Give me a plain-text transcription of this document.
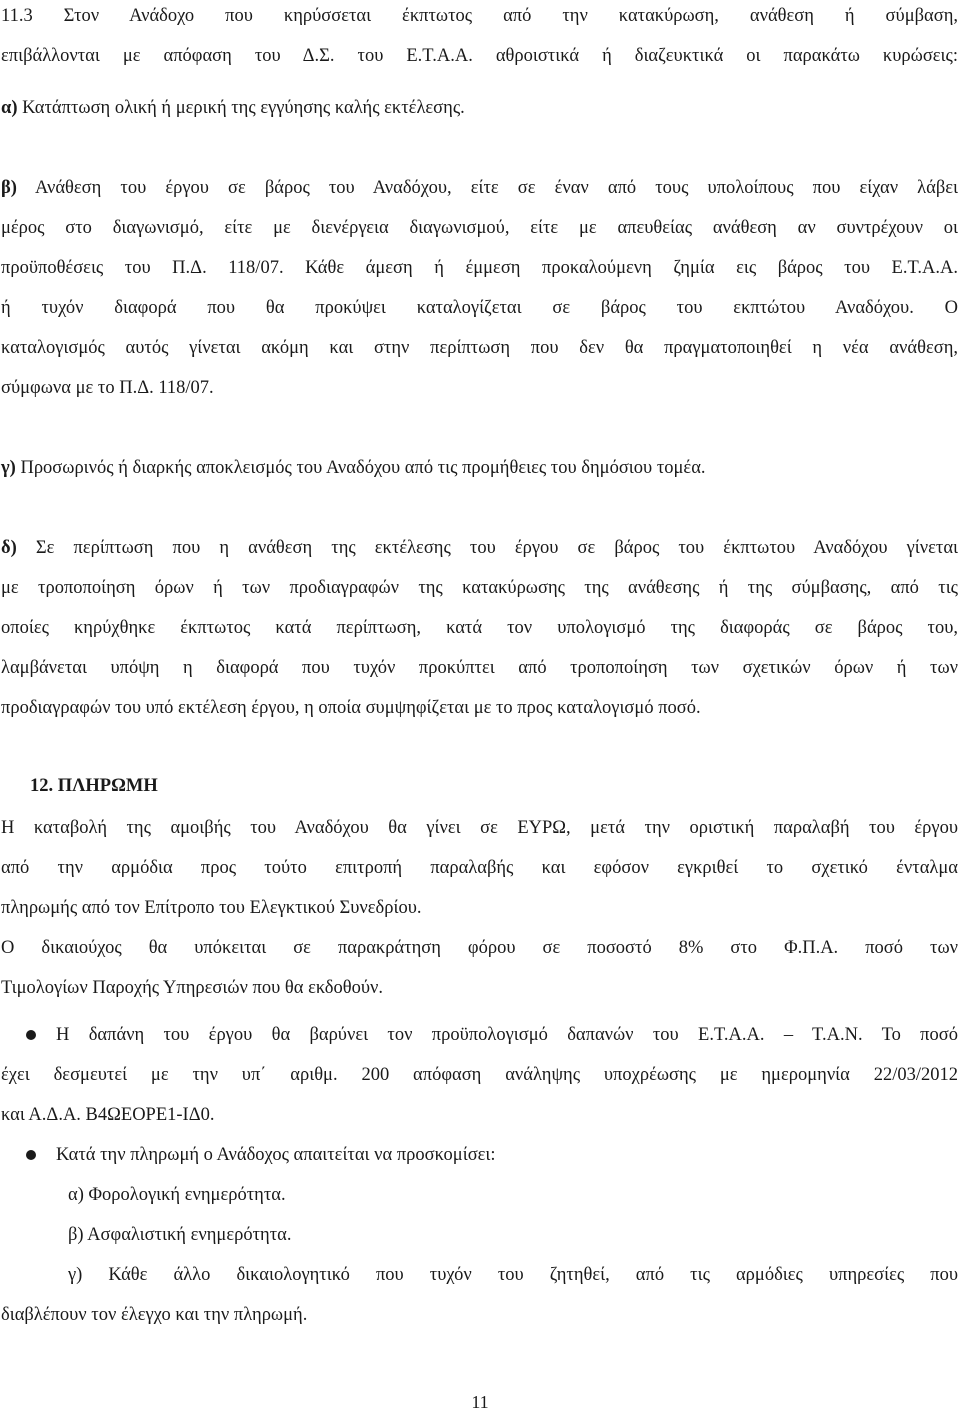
11.3 Στον Ανάδοχο που κηρύσσεται έκπτωτος από την κατακύρωση, ανάθεση ή σύμβαση,
επιβάλλονται με απόφαση του Δ.Σ. του Ε.Τ.Α.Α. αθροιστικά ή διαζευκτικά οι παρακάτω κυρώσεις:
α) Κατάπτωση ολική ή μερική της εγγύησης καλής εκτέλεσης.
β) Ανάθεση του έργου σε βάρος του Αναδόχου, είτε σε έναν από τους υπολοίπους που είχαν λάβει
μέρος στο διαγωνισμό, είτε με διενέργεια διαγωνισμού, είτε με απευθείας ανάθεση αν συντρέχουν οι
προϋποθέσεις του Π.Δ. 118/07. Κάθε άμεση ή έμμεση προκαλούμενη ζημία εις βάρος του Ε.Τ.Α.Α.
ή τυχόν διαφορά που θα προκύψει καταλογίζεται σε βάρος του εκπτώτου Αναδόχου. Ο
καταλογισμός αυτός γίνεται ακόμη και στην περίπτωση που δεν θα πραγματοποιηθεί η νέα ανάθεση,
σύμφωνα με το Π.Δ. 118/07.
γ) Προσωρινός ή διαρκής αποκλεισμός του Αναδόχου από τις προμήθειες του δημόσιου τομέα.
δ) Σε περίπτωση που η ανάθεση της εκτέλεσης του έργου σε βάρος του έκπτωτου Αναδόχου γίνεται
με τροποποίηση όρων ή των προδιαγραφών της κατακύρωσης της ανάθεσης ή της σύμβασης, από τις
οποίες κηρύχθηκε έκπτωτος κατά περίπτωση, κατά τον υπολογισμό της διαφοράς σε βάρος του,
λαμβάνεται υπόψη η διαφορά που τυχόν προκύπτει από τροποποίηση των σχετικών όρων ή των
προδιαγραφών του υπό εκτέλεση έργου, η οποία συμψηφίζεται με το προς καταλογισμό ποσό.
12. ΠΛΗΡΩΜΗ
Η καταβολή της αμοιβής του Αναδόχου θα γίνει σε ΕΥΡΩ, μετά την οριστική παραλαβή του έργου
από την αρμόδια προς τούτο επιτροπή παραλαβής και εφόσον εγκριθεί το σχετικό ένταλμα
πληρωμής από τον Επίτροπο του Ελεγκτικού Συνεδρίου.
Ο δικαιούχος θα υπόκειται σε παρακράτηση φόρου σε ποσοστό 8% στο Φ.Π.Α. ποσό των
Τιμολογίων Παροχής Υπηρεσιών που θα εκδοθούν.
Η δαπάνη του έργου θα βαρύνει τον προϋπολογισμό δαπανών του Ε.Τ.Α.Α. – Τ.Α.Ν. Το ποσό
έχει δεσμευτεί με την υπ΄ αριθμ. 200 απόφαση ανάληψης υποχρέωσης με ημερομηνία 22/03/2012
και Α.Δ.Α. Β4ΩΕΟΡΕ1-ΙΔ0.
Κατά την πληρωμή ο Ανάδοχος απαιτείται να προσκομίσει:
α) Φορολογική ενημερότητα.
β) Ασφαλιστική ενημερότητα.
γ) Κάθε άλλο δικαιολογητικό που τυχόν του ζητηθεί, από τις αρμόδιες υπηρεσίες που
διαβλέπουν τον έλεγχο και την πληρωμή.
11
